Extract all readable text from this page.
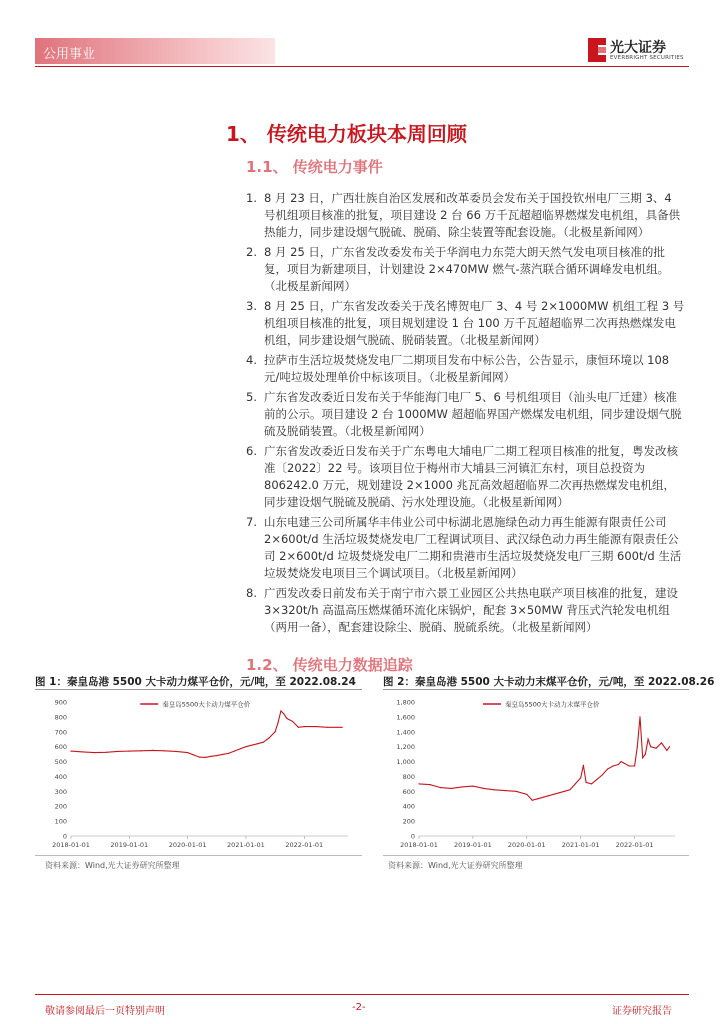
公用事业	光大证券
EVERBRIGHT SECURITIES
1、 传统电力板块本周回顾
1.1、 传统电力事件
1. 8 月 23 日，广西壮族自治区发展和改革委员会发布关于国投钦州电厂三期 3、4 号机组项目核准的批复，项目建设 2 台 66 万千瓦超超临界燃煤发电机组，具备供热能力，同步建设烟气脱硫、脱硝、除尘装置等配套设施。（北极星新闻网）
2. 8 月 25 日，广东省发改委发布关于华润电力东莞大朗天然气发电项目核准的批复，项目为新建项目，计划建设 2×470MW 燃气-蒸汽联合循环调峰发电机组。（北极星新闻网）
3. 8 月 25 日，广东省发改委关于茂名博贺电厂 3、4 号 2×1000MW 机组工程 3 号机组项目核准的批复，项目规划建设 1 台 100 万千瓦超超临界二次再热燃煤发电机组，同步建设烟气脱硫、脱硝装置。（北极星新闻网）
4. 拉萨市生活垃圾焚烧发电厂二期项目发布中标公告，公告显示，康恒环境以 108 元/吨垃圾处理单价中标该项目。（北极星新闻网）
5. 广东省发改委近日发布关于华能海门电厂 5、6 号机组项目（汕头电厂迁建）核准前的公示。项目建设 2 台 1000MW 超超临界国产燃煤发电机组，同步建设烟气脱硫及脱硝装置。（北极星新闻网）
6. 广东省发改委近日发布关于广东粤电大埔电厂二期工程项目核准的批复，粤发改核准〔2022〕22 号。该项目位于梅州市大埔县三河镇汇东村，项目总投资为 806242.0 万元，规划建设 2×1000 兆瓦高效超超临界二次再热燃煤发电机组，同步建设烟气脱硫及脱硝、污水处理设施。（北极星新闻网）
7. 山东电建三公司所属华丰伟业公司中标湖北恩施绿色动力再生能源有限责任公司 2×600t/d 生活垃圾焚烧发电厂工程调试项目、武汉绿色动力再生能源有限责任公司 2×600t/d 垃圾焚烧发电厂二期和贵港市生活垃圾焚烧发电厂三期 600t/d 生活垃圾焚烧发电项目三个调试项目。（北极星新闻网）
8. 广西发改委日前发布关于南宁市六景工业园区公共热电联产项目核准的批复，建设 3×320t/h 高温高压燃煤循环流化床锅炉，配套 3×50MW 背压式汽轮发电机组（两用一备），配套建设除尘、脱硝、脱硫系统。（北极星新闻网）
1.2、 传统电力数据追踪
图 1：秦皇岛港 5500 大卡动力煤平仓价，元/吨，至 2022.08.24
0
100
200
300
400
500
600
700
800
900
2018-01-01	2019-01-01	2020-01-01	2021-01-01	2022-01-01
秦皇岛5500大卡动力煤平仓价
资料来源：Wind,光大证券研究所整理
图 2：秦皇岛港 5500 大卡动力末煤平仓价，元/吨，至 2022.08.26
0
200
400
600
800
1,000
1,200
1,400
1,600
1,800
2018-01-01 2019-01-01 2020-01-01 2021-01-01 2022-01-01
秦皇岛5500大卡动力末煤平仓价
资料来源：Wind,光大证券研究所整理
敬请参阅最后一页特别声明	-2-	证券研究报告
